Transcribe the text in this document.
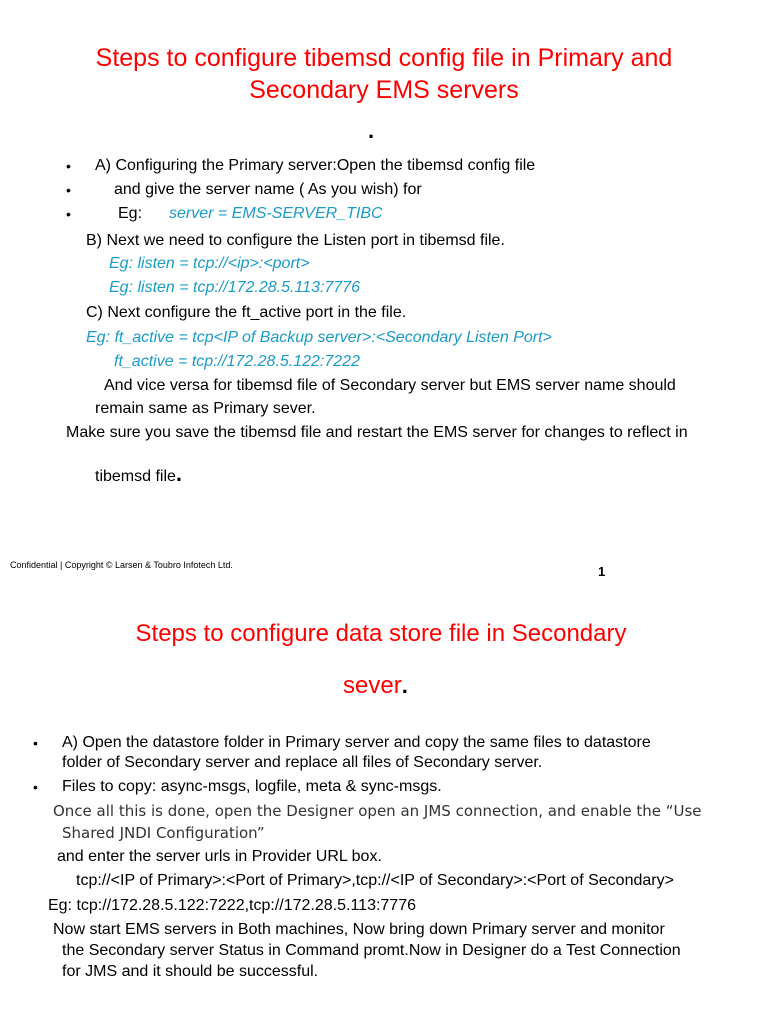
Steps to configure tibemsd config file in Primary and
Secondary EMS servers
.
• A) Configuring the Primary server:Open the tibemsd config file
•	and give the server name ( As you wish) for
•	Eg: server = EMS-SERVER_TIBC
B) Next we need to configure the Listen port in tibemsd file.
Eg: listen = tcp://<ip>:<port>
Eg: listen = tcp://172.28.5.113:7776
C) Next configure the ft_active port in the file.
Eg: ft_active = tcp<IP of Backup server>:<Secondary Listen Port>
ft_active = tcp://172.28.5.122:7222
And vice versa for tibemsd file of Secondary server but EMS server name should
remain same as Primary sever.
Make sure you save the tibemsd file and restart the EMS server for changes to reflect in
tibemsd file.
Confidential | Copyright © Larsen & Toubro Infotech Ltd.	1
Steps to configure data store file in Secondary
sever.
• A) Open the datastore folder in Primary server and copy the same files to datastore
folder of Secondary server and replace all files of Secondary server.
• Files to copy: async-msgs, logfile, meta & sync-msgs.
Once all this is done, open the Designer open an JMS connection, and enable the “Use
Shared JNDI Configuration”
and enter the server urls in Provider URL box.
tcp://<IP of Primary>:<Port of Primary>,tcp://<IP of Secondary>:<Port of Secondary>
Eg: tcp://172.28.5.122:7222,tcp://172.28.5.113:7776
Now start EMS servers in Both machines, Now bring down Primary server and monitor
the Secondary server Status in Command promt.Now in Designer do a Test Connection
for JMS and it should be successful.
